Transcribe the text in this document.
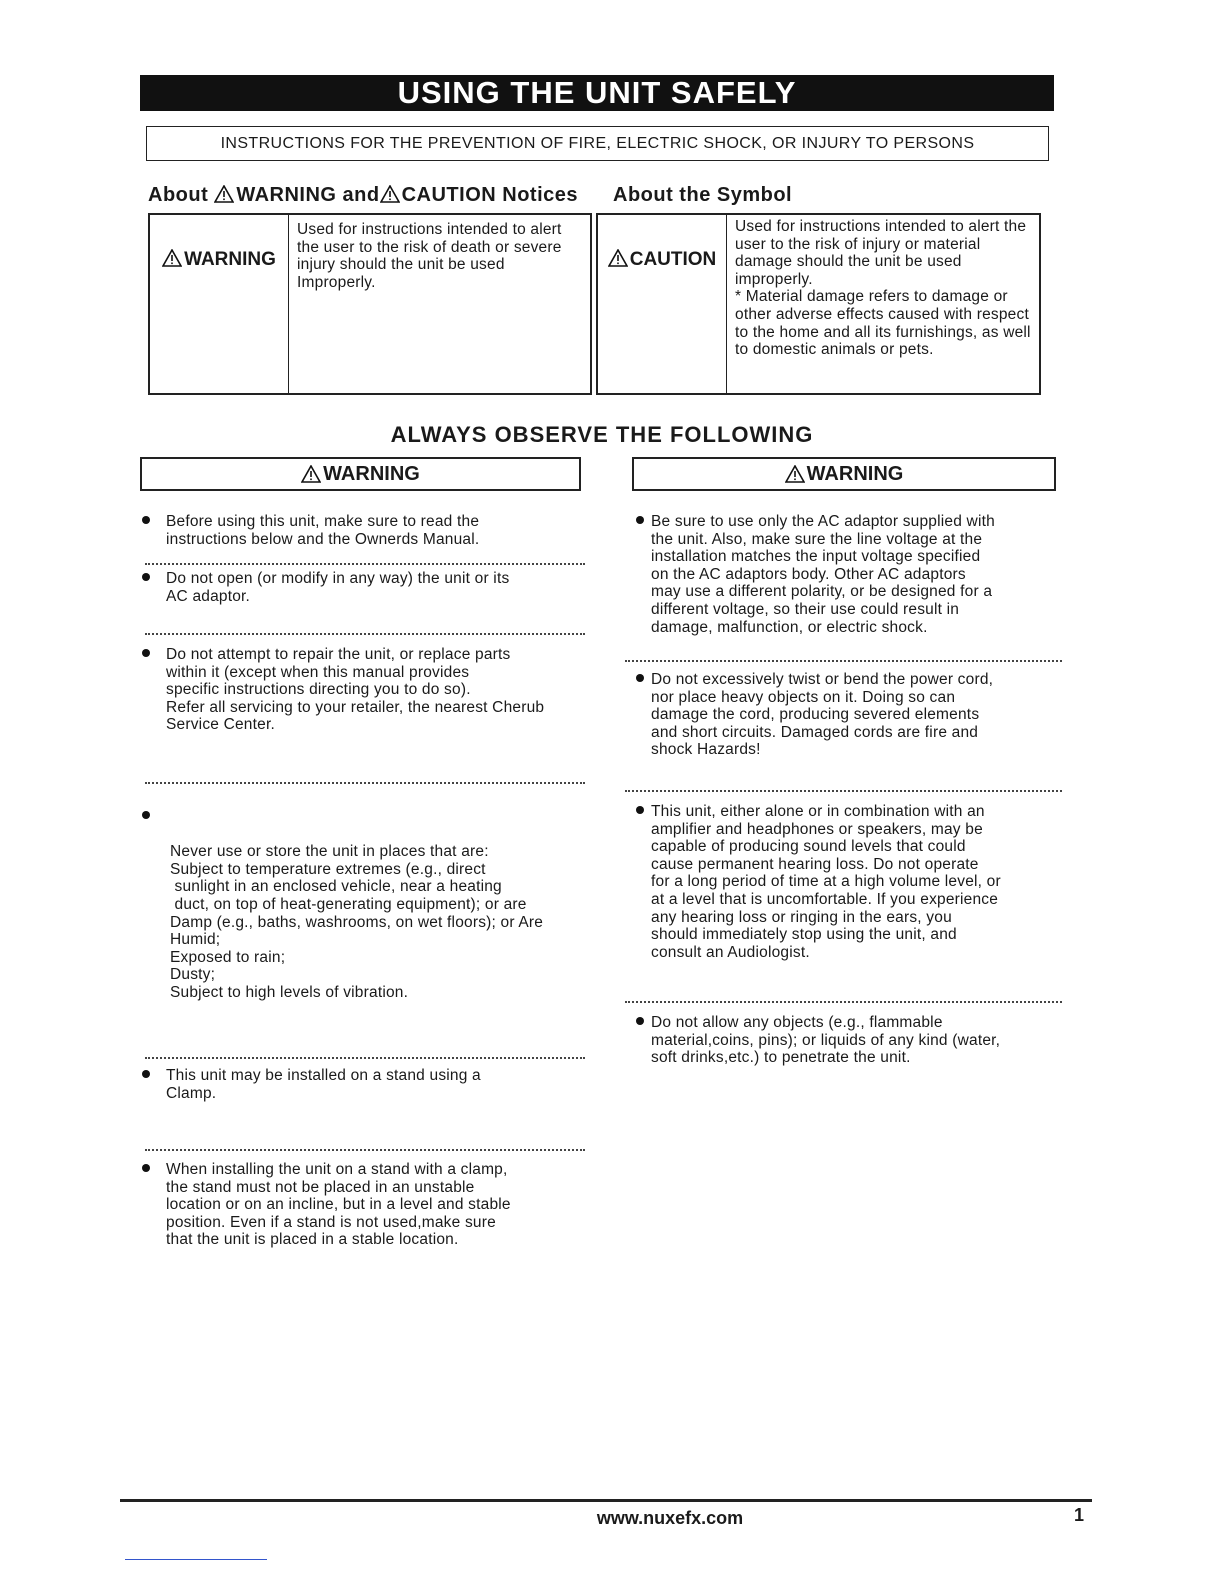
USING THE UNIT SAFELY
INSTRUCTIONS FOR THE PREVENTION OF FIRE, ELECTRIC SHOCK, OR INJURY TO PERSONS
About WARNING and CAUTION Notices About the Symbol
WARNING
Used for instructions intended to alert the user to the risk of death or severe injury should the unit be used Improperly.
CAUTION
Used for instructions intended to alert the user to the risk of injury or material damage should the unit be used improperly.
* Material damage refers to damage or other adverse effects caused with respect to the home and all its furnishings, as well to domestic animals or pets.
ALWAYS OBSERVE THE FOLLOWING
WARNING	WARNING
Before using this unit, make sure to read the
instructions below and the Ownerds Manual.
Do not open (or modify in any way) the unit or its
AC adaptor.
Do not attempt to repair the unit, or replace parts
within it (except when this manual provides
specific instructions directing you to do so).
Refer all servicing to your retailer, the nearest Cherub
Service Center.

Never use or store the unit in places that are:
Subject to temperature extremes (e.g., direct
sunlight in an enclosed vehicle, near a heating
duct, on top of heat-generating equipment); or are
Damp (e.g., baths, washrooms, on wet floors); or Are
Humid;
Exposed to rain;
Dusty;
Subject to high levels of vibration.

This unit may be installed on a stand using a
Clamp.
When installing the unit on a stand with a clamp,
the stand must not be placed in an unstable
location or on an incline, but in a level and stable
position. Even if a stand is not used,make sure
that the unit is placed in a stable location.
Be sure to use only the AC adaptor supplied with
the unit. Also, make sure the line voltage at the
installation matches the input voltage specified
on the AC adaptors body. Other AC adaptors
may use a different polarity, or be designed for a
different voltage, so their use could result in
damage, malfunction, or electric shock.
Do not excessively twist or bend the power cord,
nor place heavy objects on it. Doing so can
damage the cord, producing severed elements
and short circuits. Damaged cords are fire and
shock Hazards!
This unit, either alone or in combination with an
amplifier and headphones or speakers, may be
capable of producing sound levels that could
cause permanent hearing loss. Do not operate
for a long period of time at a high volume level, or
at a level that is uncomfortable. If you experience
any hearing loss or ringing in the ears, you
should immediately stop using the unit, and
consult an Audiologist.
Do not allow any objects (e.g., flammable
material,coins, pins); or liquids of any kind (water,
soft drinks,etc.) to penetrate the unit.
www.nuxefx.com	1
